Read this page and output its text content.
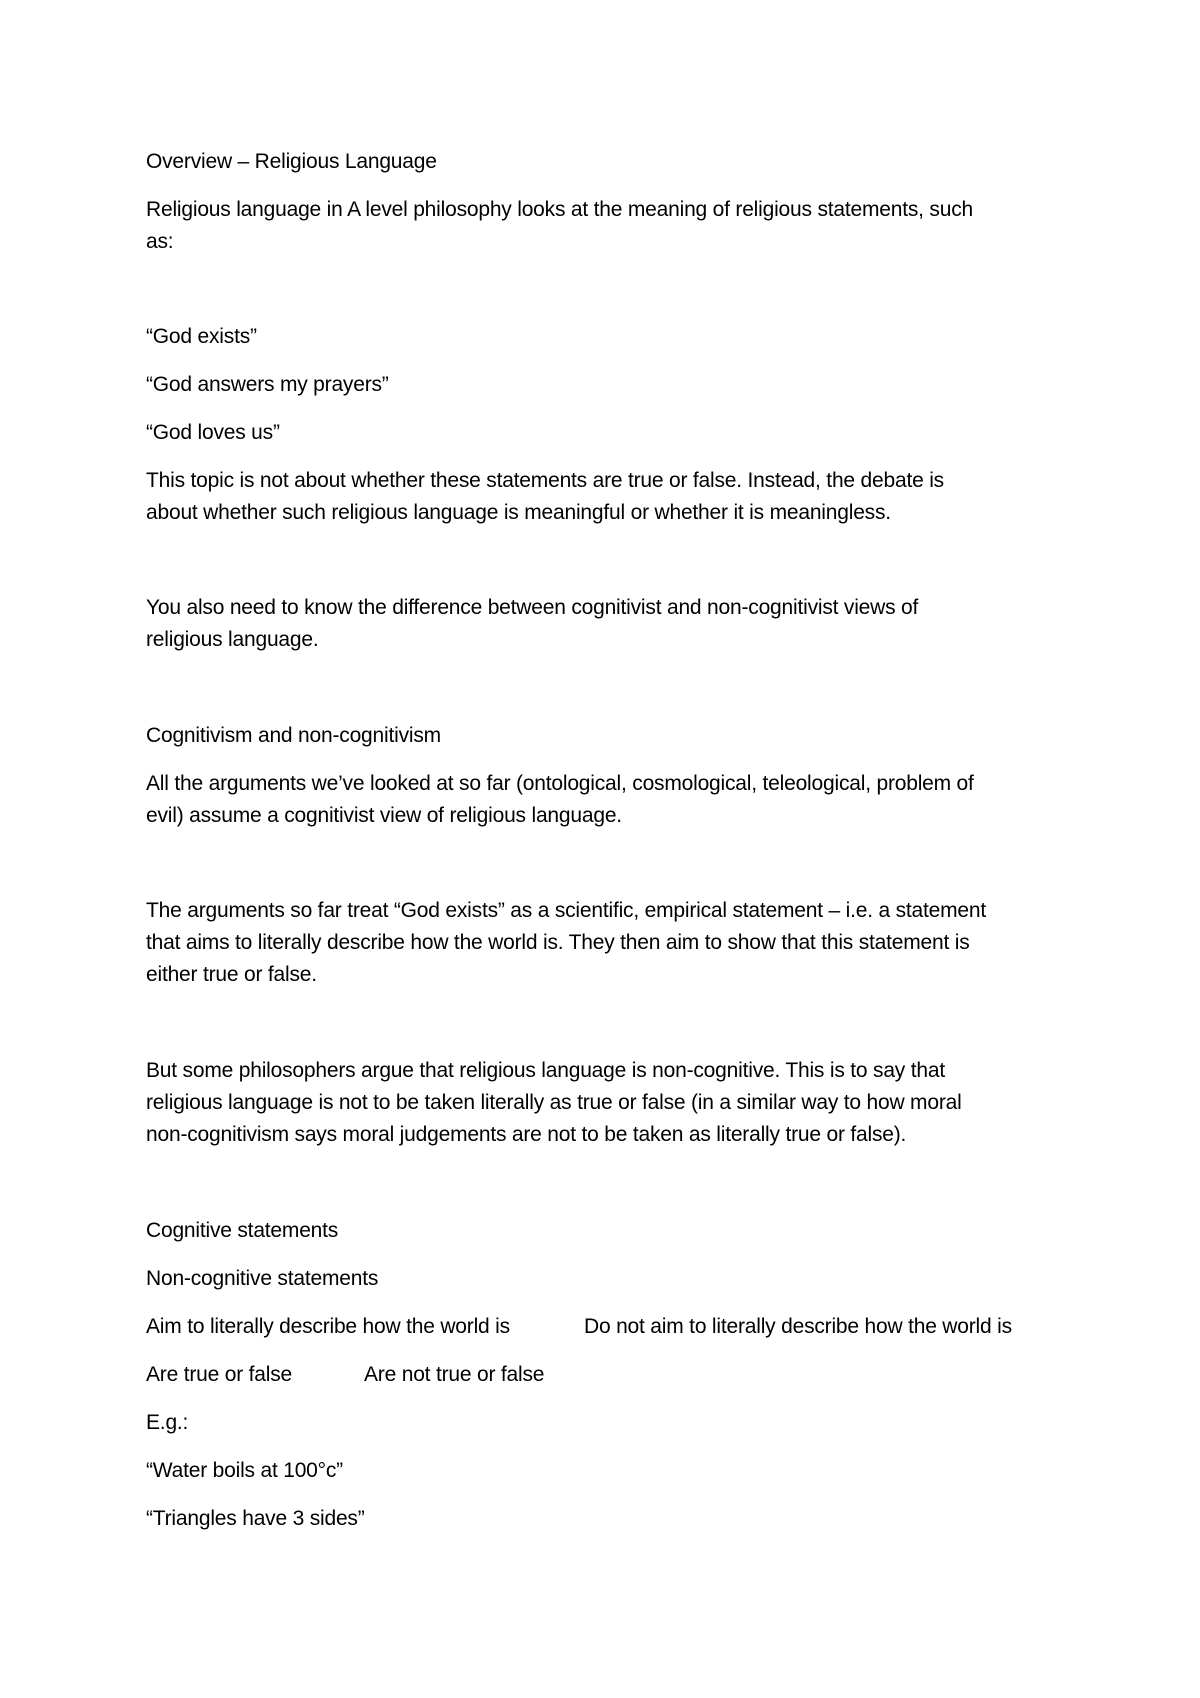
Overview – Religious Language
Religious language in A level philosophy looks at the meaning of religious statements, such
as:
“God exists”
“God answers my prayers”
“God loves us”
This topic is not about whether these statements are true or false. Instead, the debate is
about whether such religious language is meaningful or whether it is meaningless.
You also need to know the difference between cognitivist and non-cognitivist views of
religious language.
Cognitivism and non-cognitivism
All the arguments we’ve looked at so far (ontological, cosmological, teleological, problem of
evil) assume a cognitivist view of religious language.
The arguments so far treat “God exists” as a scientific, empirical statement – i.e. a statement
that aims to literally describe how the world is. They then aim to show that this statement is
either true or false.
But some philosophers argue that religious language is non-cognitive. This is to say that
religious language is not to be taken literally as true or false (in a similar way to how moral
non-cognitivism says moral judgements are not to be taken as literally true or false).
Cognitive statements
Non-cognitive statements
Aim to literally describe how the world is	Do not aim to literally describe how the world is
Are true or false	Are not true or false
E.g.:
“Water boils at 100°c”
“Triangles have 3 sides”
